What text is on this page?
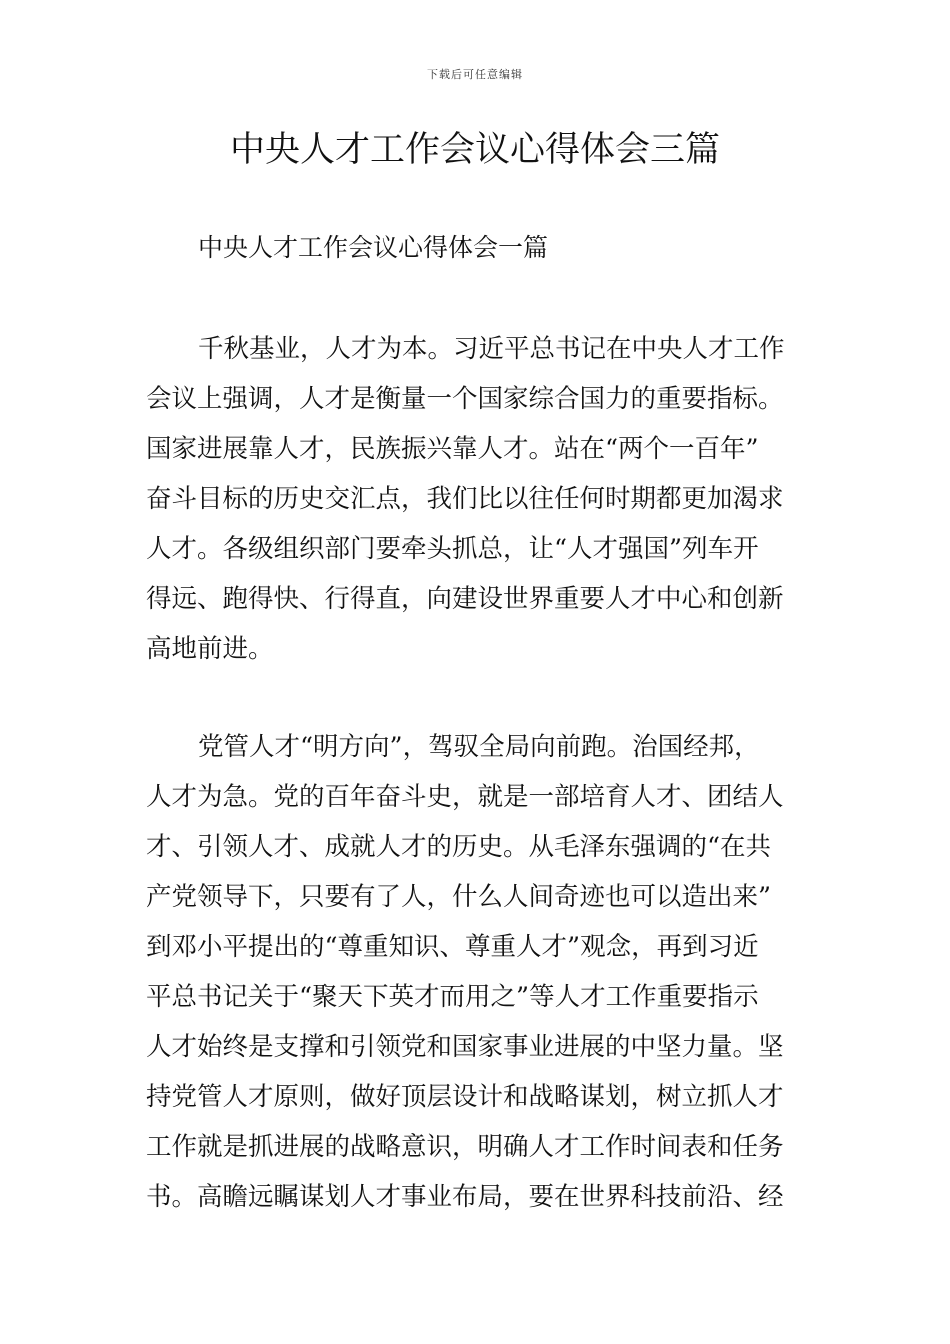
下载后可任意编辑
中央人才工作会议心得体会三篇
中央人才工作会议心得体会一篇
千秋基业，人才为本。习近平总书记在中央人才工作
会议上强调，人才是衡量一个国家综合国力的重要指标。
国家进展靠人才，民族振兴靠人才。站在“两个一百年”
奋斗目标的历史交汇点，我们比以往任何时期都更加渴求
人才。各级组织部门要牵头抓总，让“人才强国”列车开
得远、跑得快、行得直，向建设世界重要人才中心和创新
高地前进。
党管人才“明方向”，驾驭全局向前跑。治国经邦，
人才为急。党的百年奋斗史，就是一部培育人才、团结人
才、引领人才、成就人才的历史。从毛泽东强调的“在共
产党领导下，只要有了人，什么人间奇迹也可以造出来”
到邓小平提出的“尊重知识、尊重人才”观念，再到习近
平总书记关于“聚天下英才而用之”等人才工作重要指示
人才始终是支撑和引领党和国家事业进展的中坚力量。坚
持党管人才原则，做好顶层设计和战略谋划，树立抓人才
工作就是抓进展的战略意识，明确人才工作时间表和任务
书。高瞻远瞩谋划人才事业布局，要在世界科技前沿、经
